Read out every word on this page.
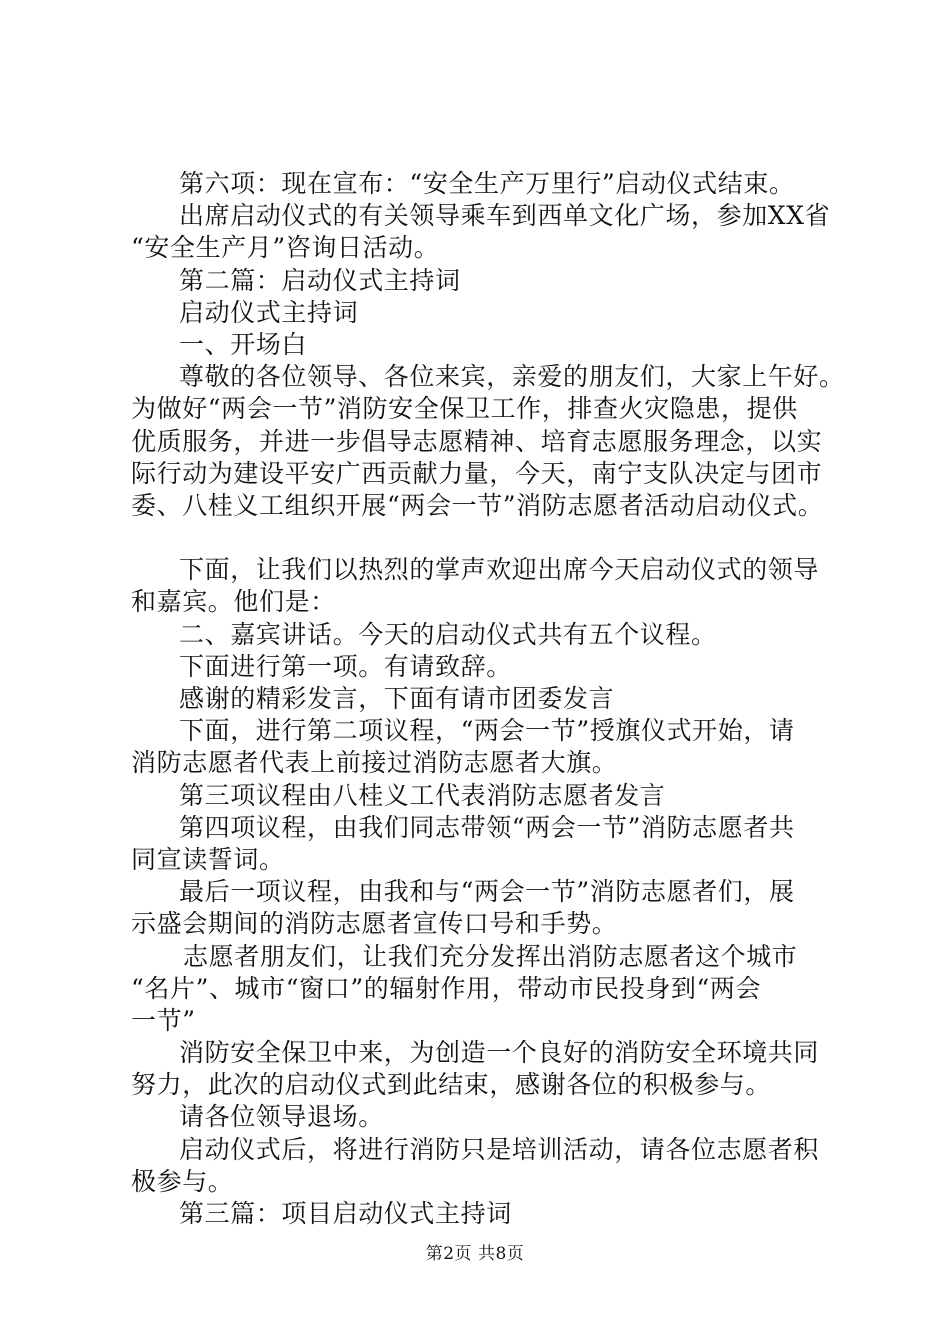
第六项：现在宣布：“安全生产万里行”启动仪式结束。
出席启动仪式的有关领导乘车到西单文化广场，参加XX省
“安全生产月”咨询日活动。
第二篇：启动仪式主持词
启动仪式主持词
一、开场白
尊敬的各位领导、各位来宾，亲爱的朋友们，大家上午好。
为做好“两会一节”消防安全保卫工作，排查火灾隐患，提供
优质服务，并进一步倡导志愿精神、培育志愿服务理念，以实
际行动为建设平安广西贡献力量，今天，南宁支队决定与团市
委、八桂义工组织开展“两会一节”消防志愿者活动启动仪式。
下面，让我们以热烈的掌声欢迎出席今天启动仪式的领导
和嘉宾。他们是：
二、嘉宾讲话。今天的启动仪式共有五个议程。
下面进行第一项。有请致辞。
感谢的精彩发言，下面有请市团委发言
下面，进行第二项议程，“两会一节”授旗仪式开始，请
消防志愿者代表上前接过消防志愿者大旗。
第三项议程由八桂义工代表消防志愿者发言
第四项议程，由我们同志带领“两会一节”消防志愿者共
同宣读誓词。
最后一项议程，由我和与“两会一节”消防志愿者们，展
示盛会期间的消防志愿者宣传口号和手势。
志愿者朋友们，让我们充分发挥出消防志愿者这个城市
“名片”、城市“窗口”的辐射作用，带动市民投身到“两会
一节”
消防安全保卫中来，为创造一个良好的消防安全环境共同
努力，此次的启动仪式到此结束，感谢各位的积极参与。
请各位领导退场。
启动仪式后，将进行消防只是培训活动，请各位志愿者积
极参与。
第三篇：项目启动仪式主持词
第2页 共8页
